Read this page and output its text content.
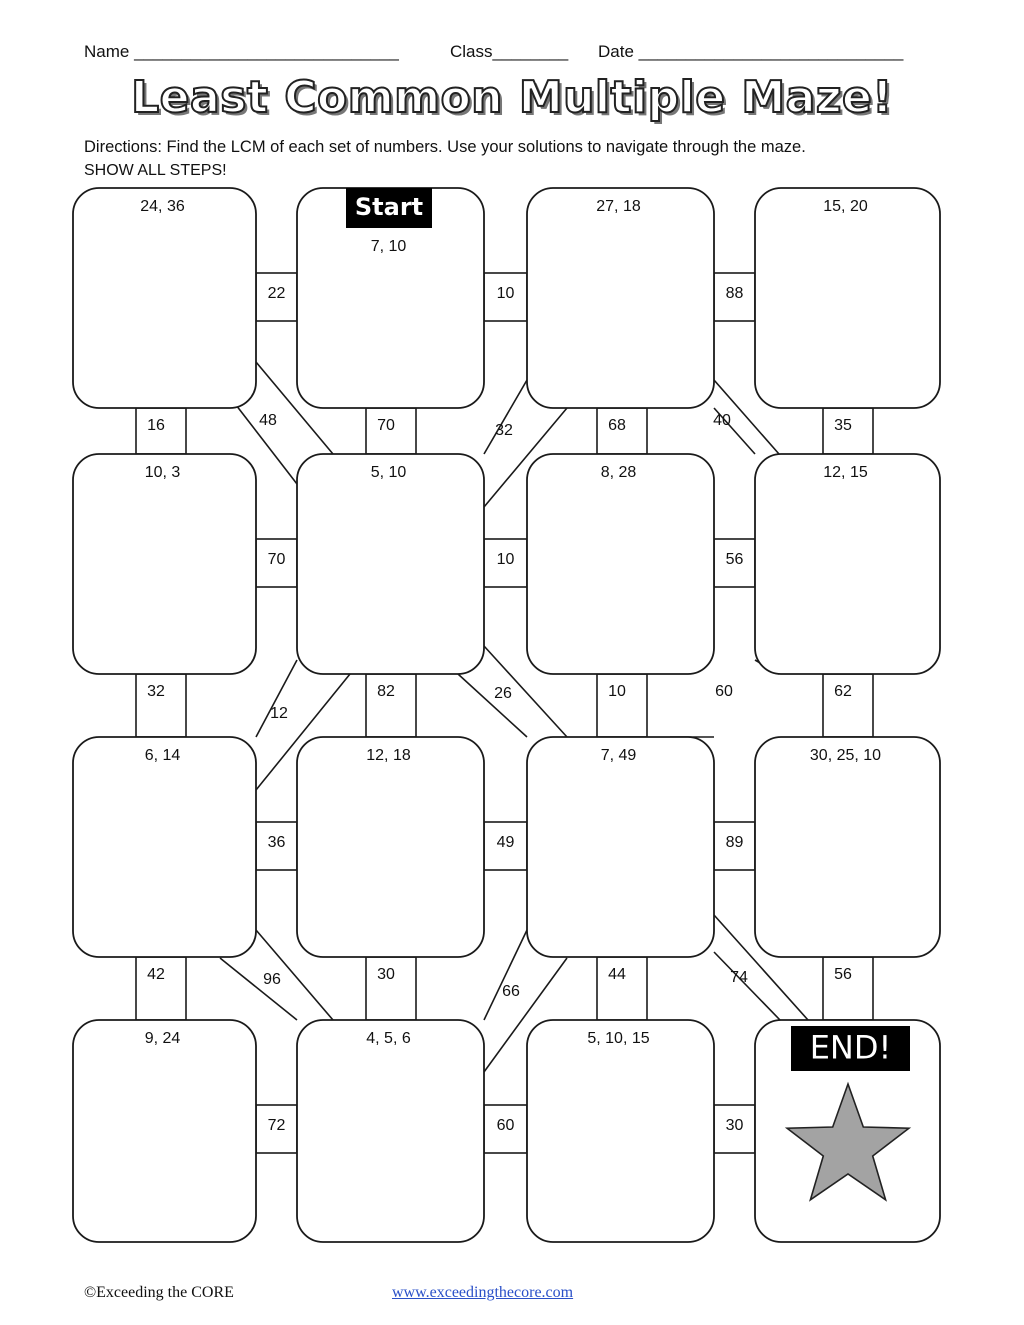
Name ____________________________	Class________ Date ____________________________
Least Common Multiple Maze!
Directions: Find the LCM of each set of numbers. Use your solutions to navigate through the maze.
SHOW ALL STEPS!
48
32
40
12
26	60
96
66
74
22	10	88
70	10	56
36	49	89
72	60	30
16	70	68	35
32	82	10	62
42	30	44	56
24, 36
7, 10
27, 18	15, 20
10, 3	5, 10	8, 28	12, 15
6, 14	12, 18	7, 49	30, 25, 10
9, 24	4, 5, 6	5, 10, 15
Start
END!
©Exceeding the CORE	www.exceedingthecore.com
